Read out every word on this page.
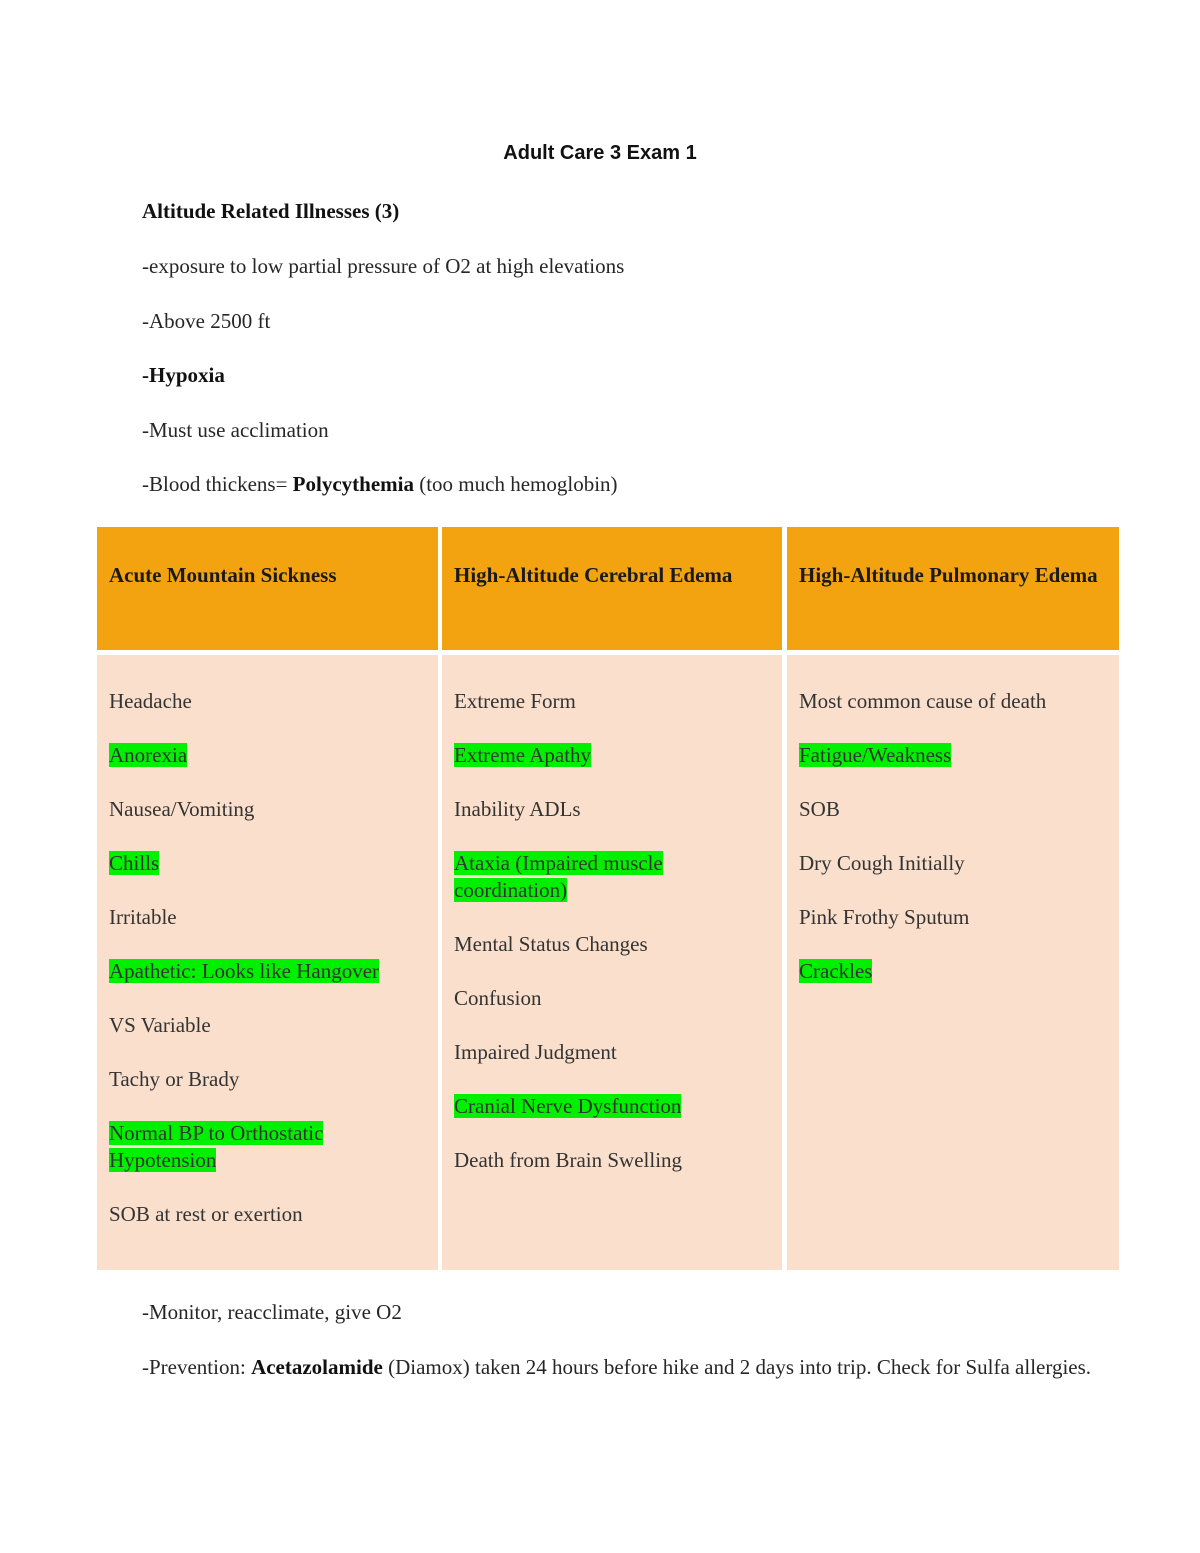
Adult Care 3 Exam 1
Altitude Related Illnesses (3)
-exposure to low partial pressure of O2 at high elevations
-Above 2500 ft
-Hypoxia
-Must use acclimation
-Blood thickens= Polycythemia (too much hemoglobin)
Acute Mountain Sickness	High-Altitude Cerebral Edema	High-Altitude Pulmonary Edema
Headache
Anorexia
Nausea/Vomiting
Chills
Irritable
Apathetic: Looks like Hangover
VS Variable
Tachy or Brady
Normal BP to Orthostatic Hypotension
SOB at rest or exertion
Extreme Form
Extreme Apathy
Inability ADLs
Ataxia (Impaired muscle coordination)
Mental Status Changes
Confusion
Impaired Judgment
Cranial Nerve Dysfunction
Death from Brain Swelling
Most common cause of death
Fatigue/Weakness
SOB
Dry Cough Initially
Pink Frothy Sputum
Crackles
-Monitor, reacclimate, give O2
-Prevention: Acetazolamide (Diamox) taken 24 hours before hike and 2 days into trip. Check for Sulfa allergies.
